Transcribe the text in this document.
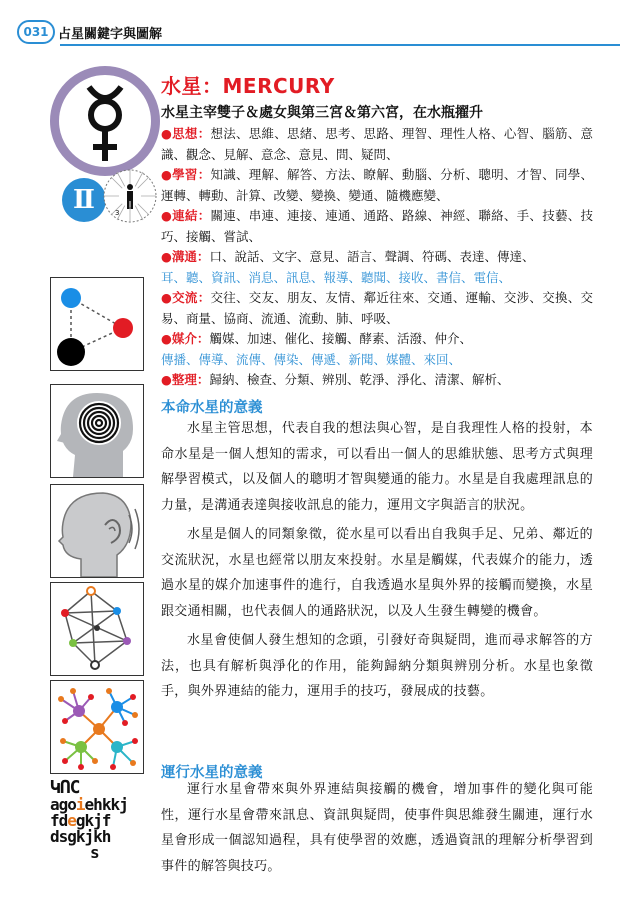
031 占星關鍵字與圖解
Ⅱ	3
ԿՈC
agoiehkkj
fdegkjf
dsgkjkh
s
水星：MERCURY
水星主宰雙子＆處女與第三宮＆第六宮，在水瓶擢升

●思想：想法、思維、思緒、思考、思路、理智、理性人格、心智、腦筋、意識、觀念、見解、意念、意見、問、疑問、

●學習：知識、理解、解答、方法、瞭解、動腦、分析、聰明、才智、同學、運轉、轉動、計算、改變、變換、變通、隨機應變、

●連結：關連、串連、連接、連通、通路、路線、神經、聯絡、手、技藝、技巧、接觸、嘗試、

●溝通：口、說話、文字、意見、語言、聲調、符碼、表達、傳達、
耳、聽、資訊、消息、訊息、報導、聽聞、接收、書信、電信、

●交流：交往、交友、朋友、友情、鄰近往來、交通、運輸、交涉、交換、交易、商量、協商、流通、流動、肺、呼吸、

●媒介：觸媒、加速、催化、接觸、酵素、活潑、仲介、
傳播、傳導、流傳、傳染、傳遞、新聞、媒體、來回、

●整理：歸納、檢查、分類、辨別、乾淨、淨化、清潔、解析、

本命水星的意義

水星主管思想，代表自我的想法與心智，是自我理性人格的投射，本命水星是一個人想知的需求，可以看出一個人的思維狀態、思考方式與理解學習模式，以及個人的聰明才智與變通的能力。水星是自我處理訊息的力量，是溝通表達與接收訊息的能力，運用文字與語言的狀況。

水星是個人的同類象徵，從水星可以看出自我與手足、兄弟、鄰近的交流狀況，水星也經常以朋友來投射。水星是觸媒，代表媒介的能力，透過水星的媒介加速事件的進行，自我透過水星與外界的接觸而變換，水星跟交通相關，也代表個人的通路狀況，以及人生發生轉變的機會。

水星會使個人發生想知的念頭，引發好奇與疑問，進而尋求解答的方法，也具有解析與淨化的作用，能夠歸納分類與辨別分析。水星也象徵手，與外界連結的能力，運用手的技巧，發展成的技藝。

運行水星的意義

運行水星會帶來與外界連結與接觸的機會，增加事件的變化與可能性，運行水星會帶來訊息、資訊與疑問，使事件與思維發生關連，運行水星會形成一個認知過程，具有使學習的效應，透過資訊的理解分析學習到事件的解答與技巧。
